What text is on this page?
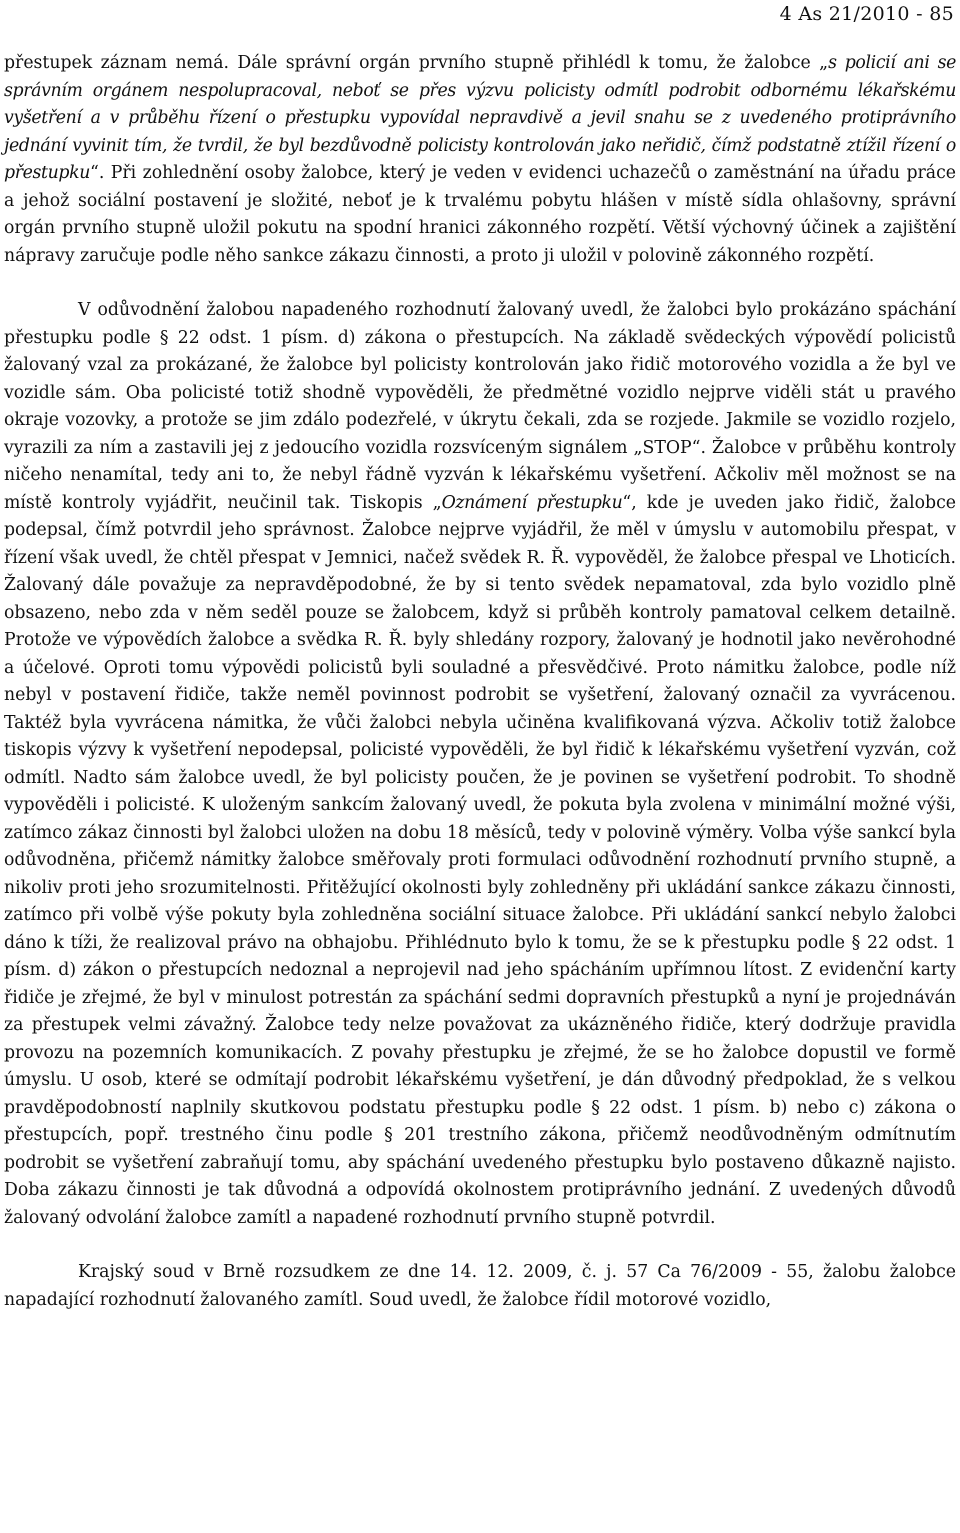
4 As 21/2010 - 85

přestupek záznam nemá. Dále správní orgán prvního stupně přihlédl k tomu, že žalobce „s policií ani se správním orgánem nespolupracoval, neboť se přes výzvu policisty odmítl podrobit odbornému lékařskému vyšetření a v průběhu řízení o přestupku vypovídal nepravdivě a jevil snahu se z uvedeného protiprávního jednání vyvinit tím, že tvrdil, že byl bezdůvodně policisty kontrolován jako neřidič, čímž podstatně ztížil řízení o přestupku“. Při zohlednění osoby žalobce, který je veden v evidenci uchazečů o zaměstnání na úřadu práce a jehož sociální postavení je složité, neboť je k trvalému pobytu hlášen v místě sídla ohlašovny, správní orgán prvního stupně uložil pokutu na spodní hranici zákonného rozpětí. Větší výchovný účinek a zajištění nápravy zaručuje podle něho sankce zákazu činnosti, a proto ji uložil v polovině zákonného rozpětí.

V odůvodnění žalobou napadeného rozhodnutí žalovaný uvedl, že žalobci bylo prokázáno spáchání přestupku podle § 22 odst. 1 písm. d) zákona o přestupcích. Na základě svědeckých výpovědí policistů žalovaný vzal za prokázané, že žalobce byl policisty kontrolován jako řidič motorového vozidla a že byl ve vozidle sám. Oba policisté totiž shodně vypověděli, že předmětné vozidlo nejprve viděli stát u pravého okraje vozovky, a protože se jim zdálo podezřelé, v úkrytu čekali, zda se rozjede. Jakmile se vozidlo rozjelo, vyrazili za ním a zastavili jej z jedoucího vozidla rozsvíceným signálem „STOP“. Žalobce v průběhu kontroly ničeho nenamítal, tedy ani to, že nebyl řádně vyzván k lékařskému vyšetření. Ačkoliv měl možnost se na místě kontroly vyjádřit, neučinil tak. Tiskopis „Oznámení přestupku“, kde je uveden jako řidič, žalobce podepsal, čímž potvrdil jeho správnost. Žalobce nejprve vyjádřil, že měl v úmyslu v automobilu přespat, v řízení však uvedl, že chtěl přespat v Jemnici, načež svědek R. Ř. vypověděl, že žalobce přespal ve Lhoticích. Žalovaný dále považuje za nepravděpodobné, že by si tento svědek nepamatoval, zda bylo vozidlo plně obsazeno, nebo zda v něm seděl pouze se žalobcem, když si průběh kontroly pamatoval celkem detailně. Protože ve výpovědích žalobce a svědka R. Ř. byly shledány rozpory, žalovaný je hodnotil jako nevěrohodné a účelové. Oproti tomu výpovědi policistů byli souladné a přesvědčivé. Proto námitku žalobce, podle níž nebyl v postavení řidiče, takže neměl povinnost podrobit se vyšetření, žalovaný označil za vyvrácenou. Taktéž byla vyvrácena námitka, že vůči žalobci nebyla učiněna kvalifikovaná výzva. Ačkoliv totiž žalobce tiskopis výzvy k vyšetření nepodepsal, policisté vypověděli, že byl řidič k lékařskému vyšetření vyzván, což odmítl. Nadto sám žalobce uvedl, že byl policisty poučen, že je povinen se vyšetření podrobit. To shodně vypověděli i policisté. K uloženým sankcím žalovaný uvedl, že pokuta byla zvolena v minimální možné výši, zatímco zákaz činnosti byl žalobci uložen na dobu 18 měsíců, tedy v polovině výměry. Volba výše sankcí byla odůvodněna, přičemž námitky žalobce směřovaly proti formulaci odůvodnění rozhodnutí prvního stupně, a nikoliv proti jeho srozumitelnosti. Přitěžující okolnosti byly zohledněny při ukládání sankce zákazu činnosti, zatímco při volbě výše pokuty byla zohledněna sociální situace žalobce. Při ukládání sankcí nebylo žalobci dáno k tíži, že realizoval právo na obhajobu. Přihlédnuto bylo k tomu, že se k přestupku podle § 22 odst. 1 písm. d) zákon o přestupcích nedoznal a neprojevil nad jeho spácháním upřímnou lítost. Z evidenční karty řidiče je zřejmé, že byl v minulost potrestán za spáchání sedmi dopravních přestupků a nyní je projednáván za přestupek velmi závažný. Žalobce tedy nelze považovat za ukázněného řidiče, který dodržuje pravidla provozu na pozemních komunikacích. Z povahy přestupku je zřejmé, že se ho žalobce dopustil ve formě úmyslu. U osob, které se odmítají podrobit lékařskému vyšetření, je dán důvodný předpoklad, že s velkou pravděpodobností naplnily skutkovou podstatu přestupku podle § 22 odst. 1 písm. b) nebo c) zákona o přestupcích, popř. trestného činu podle § 201 trestního zákona, přičemž neodůvodněným odmítnutím podrobit se vyšetření zabraňují tomu, aby spáchání uvedeného přestupku bylo postaveno důkazně najisto. Doba zákazu činnosti je tak důvodná a odpovídá okolnostem protiprávního jednání. Z uvedených důvodů žalovaný odvolání žalobce zamítl a napadené rozhodnutí prvního stupně potvrdil.

Krajský soud v Brně rozsudkem ze dne 14. 12. 2009, č. j. 57 Ca 76/2009 - 55, žalobu žalobce napadající rozhodnutí žalovaného zamítl. Soud uvedl, že žalobce řídil motorové vozidlo,
